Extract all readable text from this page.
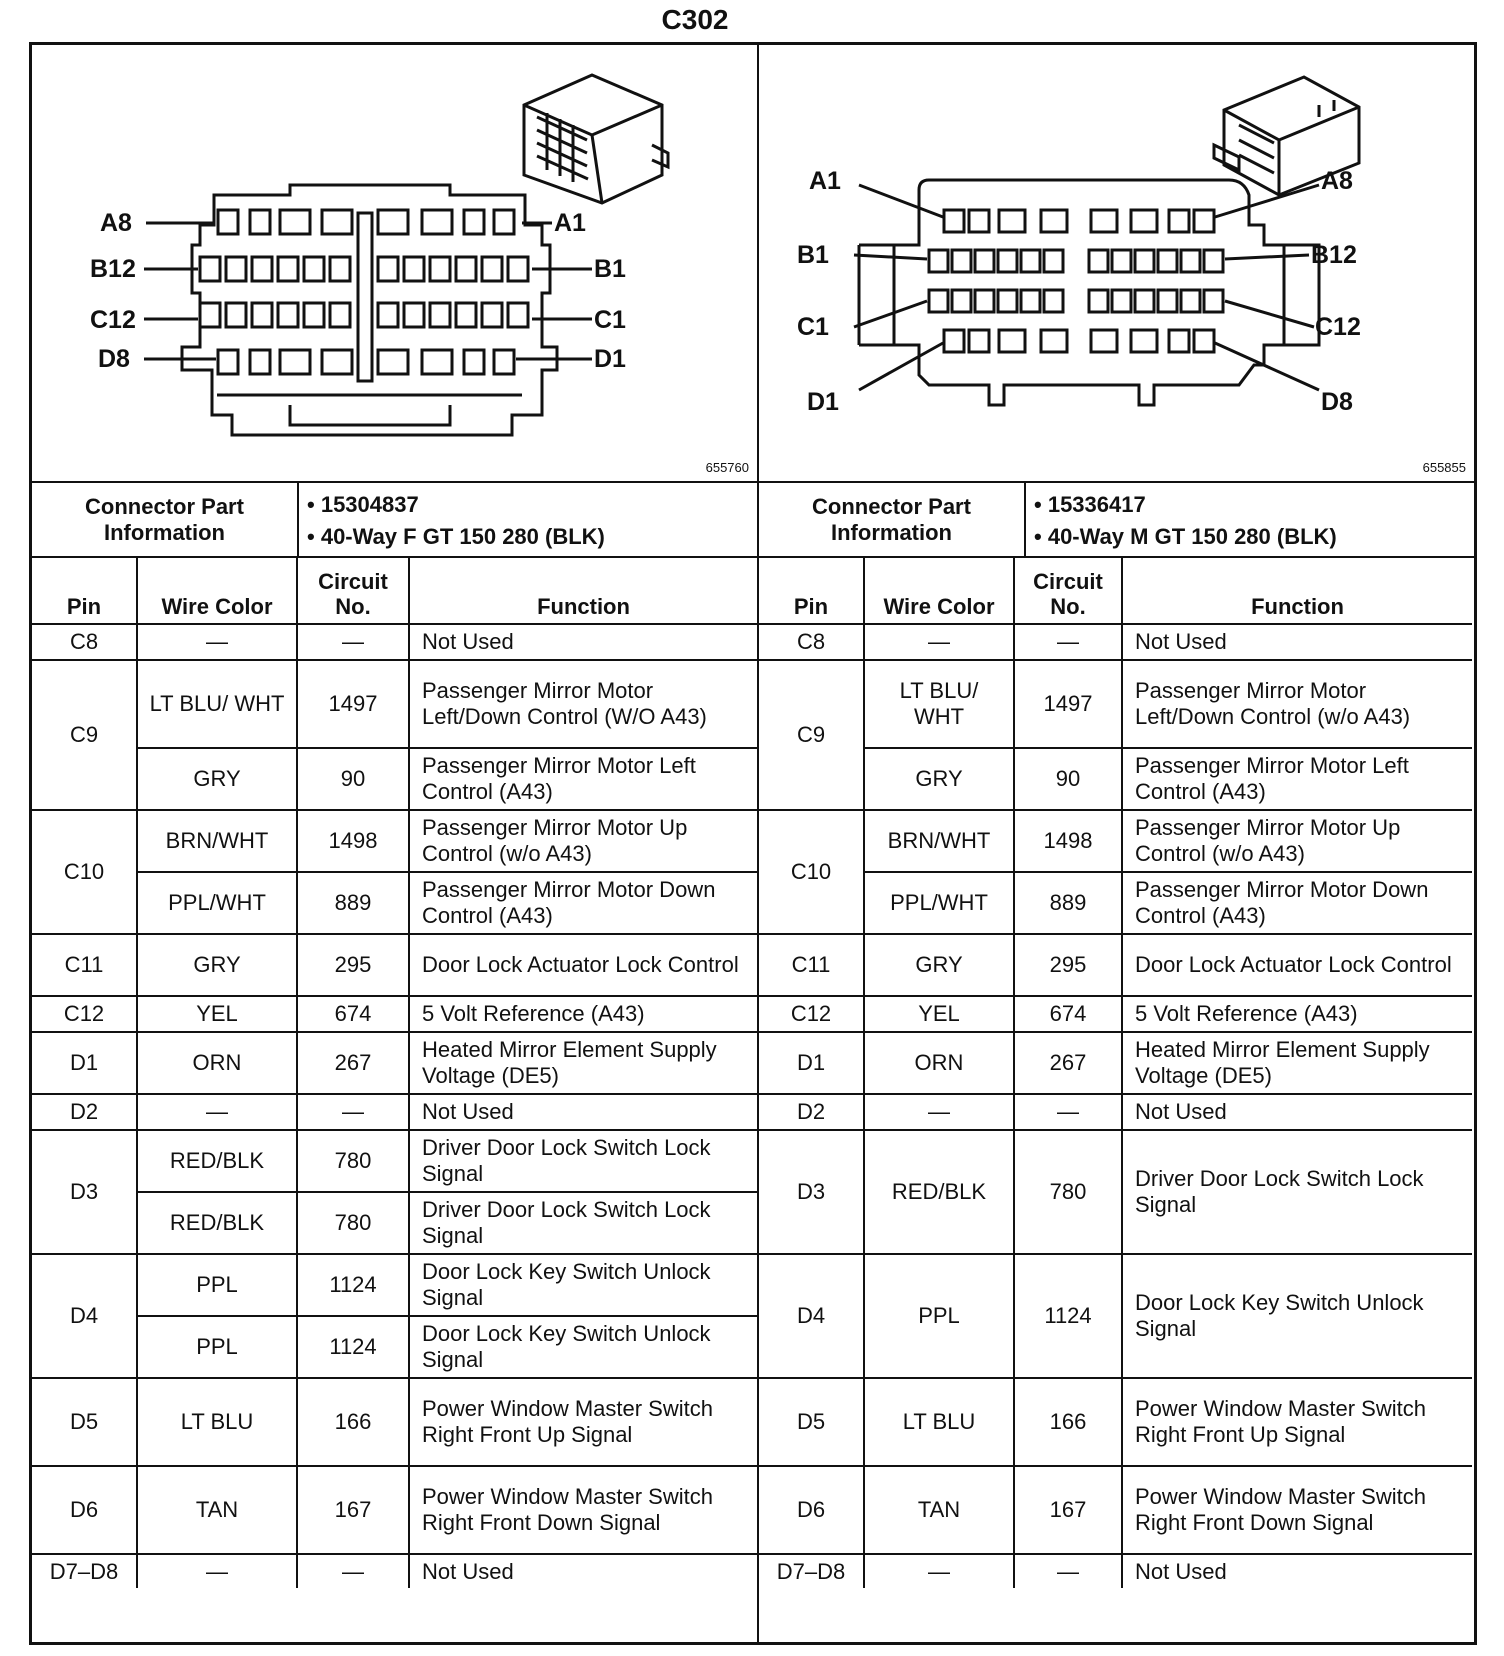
C302
A8	A1
B12	B1
C12	C1
D8	D1
655760
Connector Part Information
• 15304837
• 40-Way F GT 150 280 (BLK)
Pin	Wire Color	Circuit No.	Function
C8	—	—	Not Used
C9	LT BLU/ WHT	1497	Passenger Mirror Motor Left/Down Control (W/O A43)
	GRY	90	Passenger Mirror Motor Left Control (A43)
C10	BRN/WHT	1498	Passenger Mirror Motor Up Control (w/o A43)
	PPL/WHT	889	Passenger Mirror Motor Down Control (A43)
C11	GRY	295	Door Lock Actuator Lock Control
C12	YEL	674	5 Volt Reference (A43)
D1	ORN	267	Heated Mirror Element Supply Voltage (DE5)
D2	—	—	Not Used
D3	RED/BLK	780	Driver Door Lock Switch Lock Signal
	RED/BLK	780	Driver Door Lock Switch Lock Signal
D4	PPL	1124	Door Lock Key Switch Unlock Signal
	PPL	1124	Door Lock Key Switch Unlock Signal
D5	LT BLU	166	Power Window Master Switch Right Front Up Signal
D6	TAN	167	Power Window Master Switch Right Front Down Signal
D7–D8	—	—	Not Used
A1	A8
B1	B12
C1	C12
D1	D8
655855
Connector Part Information
• 15336417
• 40-Way M GT 150 280 (BLK)
Pin	Wire Color	Circuit No.	Function
C8	—	—	Not Used
C9	LT BLU/ WHT	1497	Passenger Mirror Motor Left/Down Control (w/o A43)
	GRY	90	Passenger Mirror Motor Left Control (A43)
C10	BRN/WHT	1498	Passenger Mirror Motor Up Control (w/o A43)
	PPL/WHT	889	Passenger Mirror Motor Down Control (A43)
C11	GRY	295	Door Lock Actuator Lock Control
C12	YEL	674	5 Volt Reference (A43)
D1	ORN	267	Heated Mirror Element Supply Voltage (DE5)
D2	—	—	Not Used
D3	RED/BLK	780	Driver Door Lock Switch Lock Signal
D4	PPL	1124	Door Lock Key Switch Unlock Signal
D5	LT BLU	166	Power Window Master Switch Right Front Up Signal
D6	TAN	167	Power Window Master Switch Right Front Down Signal
D7–D8	—	—	Not Used
